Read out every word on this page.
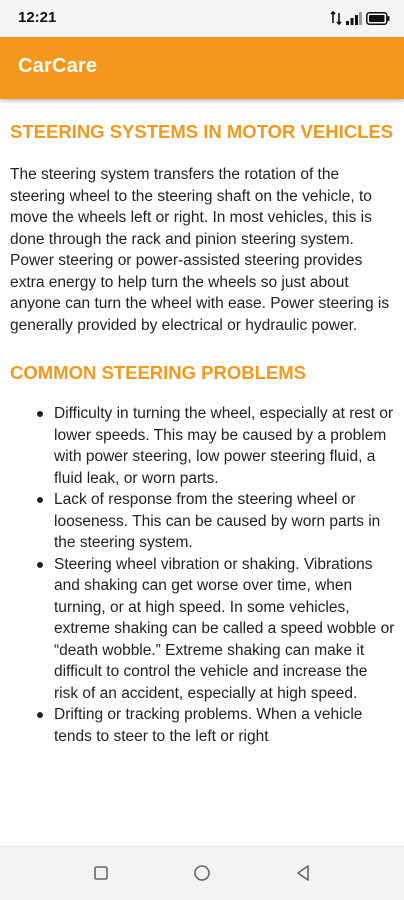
12:21
CarCare
STEERING SYSTEMS IN MOTOR VEHICLES

The steering system transfers the rotation of the steering wheel to the steering shaft on the vehicle, to move the wheels left or right. In most vehicles, this is done through the rack and pinion steering system. Power steering or power-assisted steering provides extra energy to help turn the wheels so just about anyone can turn the wheel with ease. Power steering is generally provided by electrical or hydraulic power.

COMMON STEERING PROBLEMS
Difficulty in turning the wheel, especially at rest or lower speeds. This may be caused by a problem with power steering, low power steering fluid, a fluid leak, or worn parts.
Lack of response from the steering wheel or looseness. This can be caused by worn parts in the steering system.
Steering wheel vibration or shaking. Vibrations and shaking can get worse over time, when turning, or at high speed. In some vehicles, extreme shaking can be called a speed wobble or “death wobble.” Extreme shaking can make it difficult to control the vehicle and increase the risk of an accident, especially at high speed.
Drifting or tracking problems. When a vehicle tends to steer to the left or right
